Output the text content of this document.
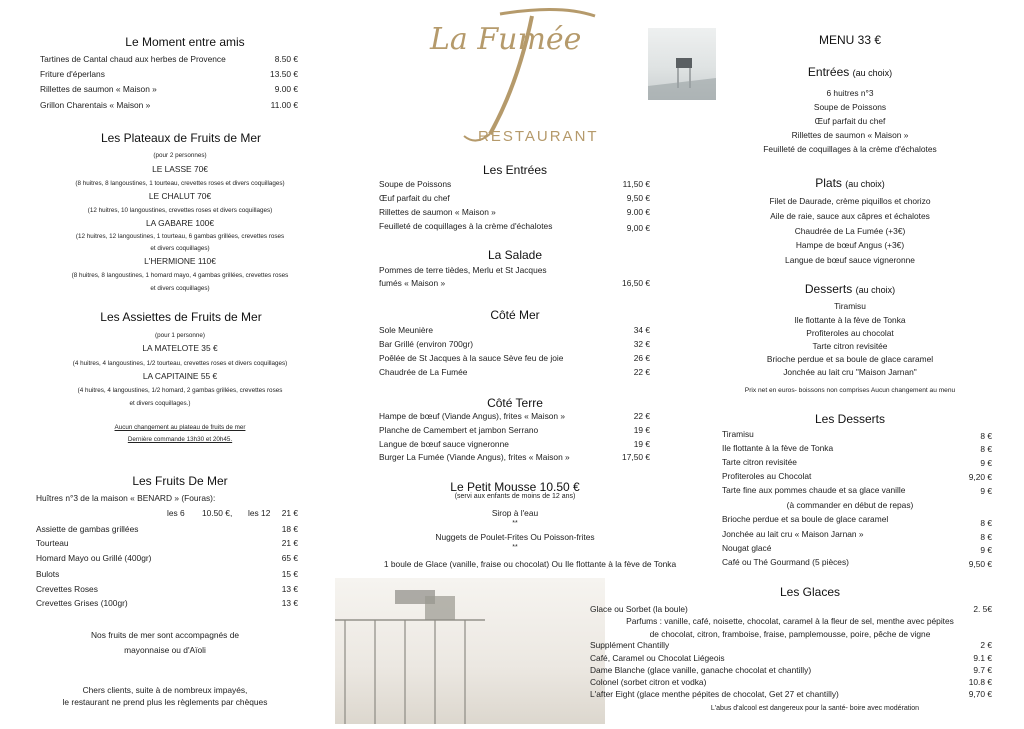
La Fumée
RESTAURANT
Le Moment entre amis
Tartines de Cantal chaud aux herbes de Provence	8.50 €
Friture d'éperlans	13.50 €
Rillettes de saumon « Maison »	9.00 €
Grillon Charentais « Maison »	11.00 €
Les Plateaux de Fruits de Mer
(pour 2 personnes)
LE LASSE 70€
(8 huitres, 8 langoustines, 1 tourteau, crevettes roses et divers coquillages)
LE CHALUT 70€
(12 huitres, 10 langoustines, crevettes roses et divers coquillages)
LA GABARE 100€
(12 huitres, 12 langoustines, 1 tourteau, 6 gambas grillées, crevettes roses
et divers coquillages)
L'HERMIONE 110€
(8 huitres, 8 langoustines, 1 homard mayo, 4 gambas grillées, crevettes roses
et divers coquillages)
Les Assiettes de Fruits de Mer
(pour 1 personne)
LA MATELOTE 35 €
(4 huitres, 4 langoustines, 1/2 tourteau, crevettes roses et divers coquillages)
LA CAPITAINE 55 €
(4 huitres, 4 langoustines, 1/2 homard, 2 gambas grillées, crevettes roses
et divers coquillages.)
Aucun changement au plateau de fruits de mer
Dernière commande 13h30 et 20h45.
Les Fruits De Mer
Huîtres n°3 de la maison « BENARD » (Fouras):
les 6 10.50 €, les 12	21 €
Assiette de gambas grillées	18 €
Tourteau	21 €
Homard Mayo ou Grillé (400gr)	65 €
Bulots	15 €
Crevettes Roses	13 €
Crevettes Grises (100gr)	13 €
Nos fruits de mer sont accompagnés de
mayonnaise ou d'Aïoli
Chers clients, suite à de nombreux impayés,
le restaurant ne prend plus les règlements par chèques
Les Entrées
Soupe de Poissons	11,50 €
Œuf parfait du chef	9,50 €
Rillettes de saumon « Maison »	9.00 €
Feuilleté de coquillages à la crème d'échalotes	9,00 €
La Salade
Pommes de terre tièdes, Merlu et St Jacques
fumés « Maison »	16,50 €
Côté Mer
Sole Meunière	34 €
Bar Grillé (environ 700gr)	32 €
Poêlée de St Jacques à la sauce Sève feu de joie	26 €
Chaudrée de La Fumée	22 €
Côté Terre
Hampe de bœuf (Viande Angus), frites « Maison »	22 €
Planche de Camembert et jambon Serrano	19 €
Langue de bœuf sauce vigneronne	19 €
Burger La Fumée (Viande Angus), frites « Maison »	17,50 €
Le Petit Mousse 10.50 €
(servi aux enfants de moins de 12 ans)
Sirop à l'eau
**
Nuggets de Poulet-Frites Ou Poisson-frites
**
1 boule de Glace (vanille, fraise ou chocolat) Ou Ile flottante à la fève de Tonka
MENU 33 €
Entrées (au choix)
6 huitres n°3
Soupe de Poissons
Œuf parfait du chef
Rillettes de saumon « Maison »
Feuilleté de coquillages à la crème d'échalotes
Plats (au choix)
Filet de Daurade, crème piquillos et chorizo
Aile de raie, sauce aux câpres et échalotes
Chaudrée de La Fumée (+3€)
Hampe de bœuf Angus (+3€)
Langue de bœuf sauce vigneronne
Desserts (au choix)
Tiramisu
Ile flottante à la fève de Tonka
Profiteroles au chocolat
Tarte citron revisitée
Brioche perdue et sa boule de glace caramel
Jonchée au lait cru "Maison Jarnan"
Prix net en euros- boissons non comprises Aucun changement au menu
Les Desserts
Tiramisu	8 €
Ile flottante à la fève de Tonka	8 €
Tarte citron revisitée	9 €
Profiteroles au Chocolat	9,20 €
Tarte fine aux pommes chaude et sa glace vanille	9 €
(à commander en début de repas)
Brioche perdue et sa boule de glace caramel	8 €
Jonchée au lait cru « Maison Jarnan »	8 €
Nougat glacé	9 €
Café ou Thé Gourmand (5 pièces)	9,50 €
Les Glaces
Glace ou Sorbet (la boule)	2. 5€
Parfums : vanille, café, noisette, chocolat, caramel à la fleur de sel, menthe avec pépites
de chocolat, citron, framboise, fraise, pamplemousse, poire, pêche de vigne
Supplément Chantilly	2 €
Café, Caramel ou Chocolat Liégeois	9.1 €
Dame Blanche (glace vanille, ganache chocolat et chantilly)	9.7 €
Colonel (sorbet citron et vodka)	10.8 €
L'after Eight (glace menthe pépites de chocolat, Get 27 et chantilly)	9,70 €
L'abus d'alcool est dangereux pour la santé- boire avec modération
